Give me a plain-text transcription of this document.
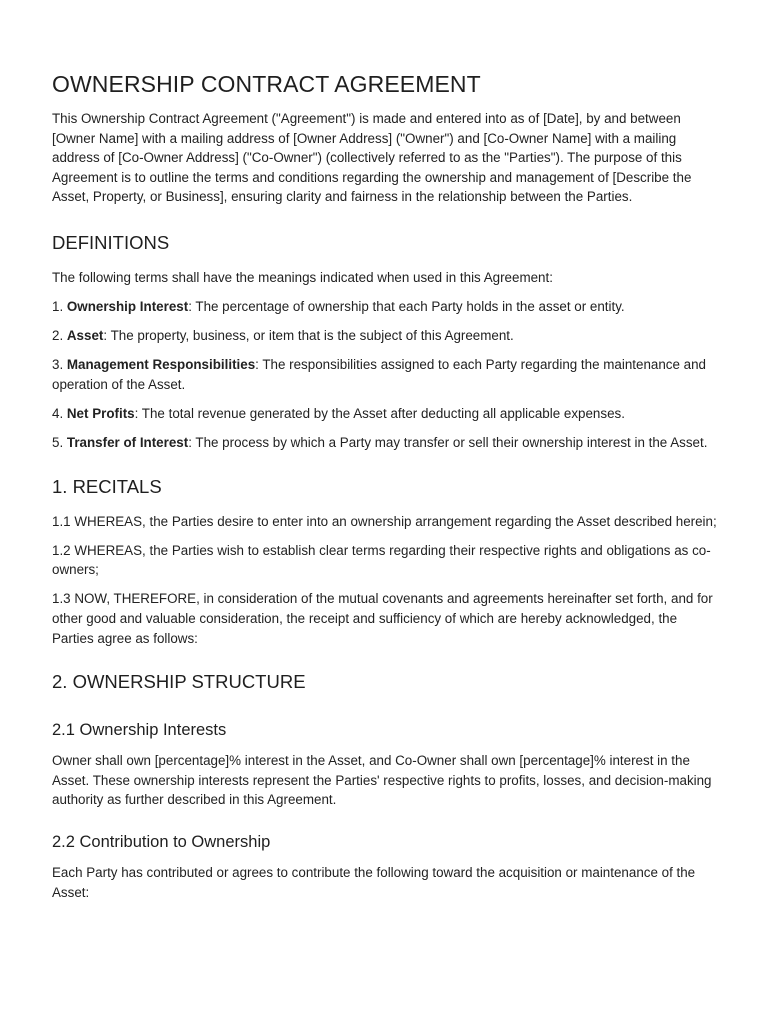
OWNERSHIP CONTRACT AGREEMENT

This Ownership Contract Agreement ("Agreement") is made and entered into as of [Date], by and between [Owner Name] with a mailing address of [Owner Address] ("Owner") and [Co-Owner Name] with a mailing address of [Co-Owner Address] ("Co-Owner") (collectively referred to as the "Parties"). The purpose of this Agreement is to outline the terms and conditions regarding the ownership and management of [Describe the Asset, Property, or Business], ensuring clarity and fairness in the relationship between the Parties.

DEFINITIONS

The following terms shall have the meanings indicated when used in this Agreement:

1. Ownership Interest: The percentage of ownership that each Party holds in the asset or entity.

2. Asset: The property, business, or item that is the subject of this Agreement.

3. Management Responsibilities: The responsibilities assigned to each Party regarding the maintenance and operation of the Asset.

4. Net Profits: The total revenue generated by the Asset after deducting all applicable expenses.

5. Transfer of Interest: The process by which a Party may transfer or sell their ownership interest in the Asset.

1. RECITALS

1.1 WHEREAS, the Parties desire to enter into an ownership arrangement regarding the Asset described herein;

1.2 WHEREAS, the Parties wish to establish clear terms regarding their respective rights and obligations as co-owners;

1.3 NOW, THEREFORE, in consideration of the mutual covenants and agreements hereinafter set forth, and for other good and valuable consideration, the receipt and sufficiency of which are hereby acknowledged, the Parties agree as follows:

2. OWNERSHIP STRUCTURE
2.1 Ownership Interests

Owner shall own [percentage]% interest in the Asset, and Co-Owner shall own [percentage]% interest in the Asset. These ownership interests represent the Parties' respective rights to profits, losses, and decision-making authority as further described in this Agreement.

2.2 Contribution to Ownership

Each Party has contributed or agrees to contribute the following toward the acquisition or maintenance of the Asset:
